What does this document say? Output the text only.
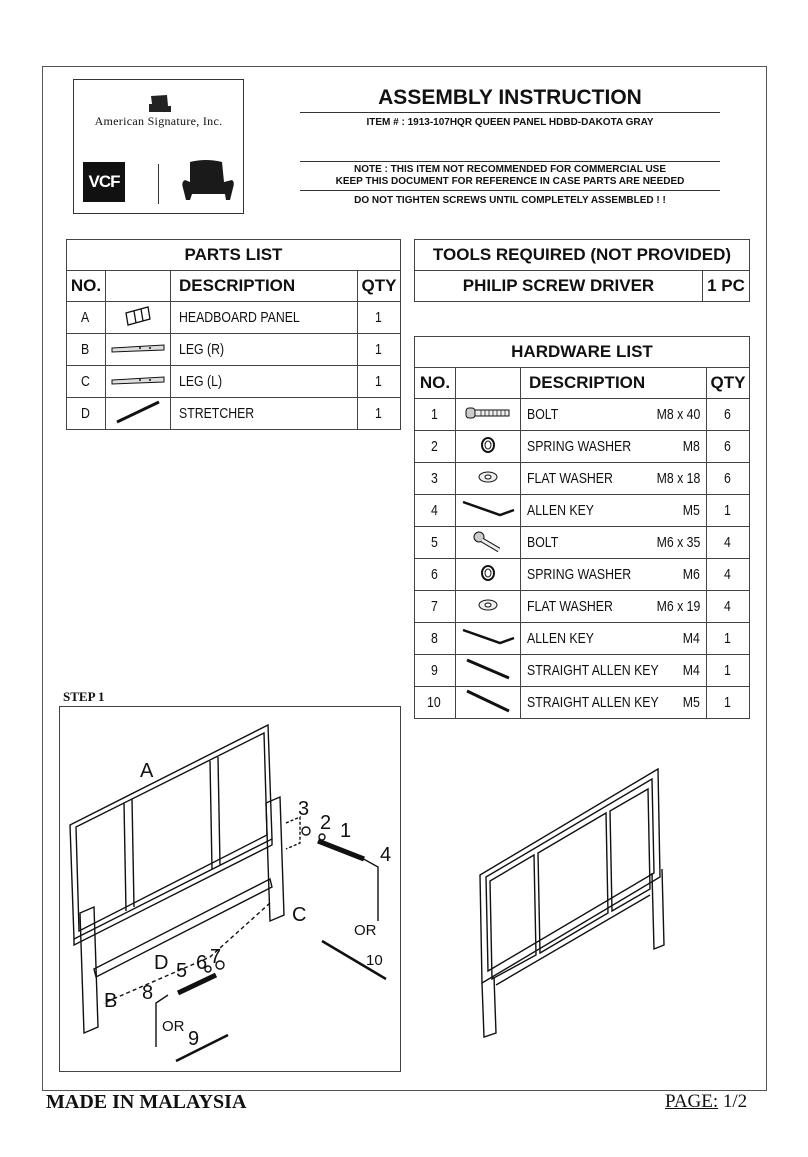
American Signature, Inc.
VCF
ASSEMBLY INSTRUCTION
ITEM # : 1913-107HQR QUEEN PANEL HDBD-DAKOTA GRAY
NOTE : THIS ITEM NOT RECOMMENDED FOR COMMERCIAL USE
KEEP THIS DOCUMENT FOR REFERENCE IN CASE PARTS ARE NEEDED
DO NOT TIGHTEN SCREWS UNTIL COMPLETELY ASSEMBLED ! !
PARTS LIST			
NO.		DESCRIPTION	QTY
A		HEADBOARD PANEL	1
B		LEG (R)	1
C		LEG (L)	1
D		STRETCHER	1
TOOLS REQUIRED (NOT PROVIDED)
PHILIP SCREW DRIVER	1 PC
HARDWARE LIST			
NO.		DESCRIPTION	QTY
1		BOLT M8 x 40	6
2		SPRING WASHER M8	6
3		FLAT WASHER M8 x 18	6
4		ALLEN KEY M5	1
5		BOLT M6 x 35	4
6		SPRING WASHER M6	4
7		FLAT WASHER M6 x 19	4
8		ALLEN KEY M4	1
9		STRAIGHT ALLEN KEY M4	1
10		STRAIGHT ALLEN KEY M5	1
STEP 1
A
B
C
D
1
2
3
4
5 6 7
8
9
10
OR
OR
MADE IN MALAYSIA	PAGE: 1/2
